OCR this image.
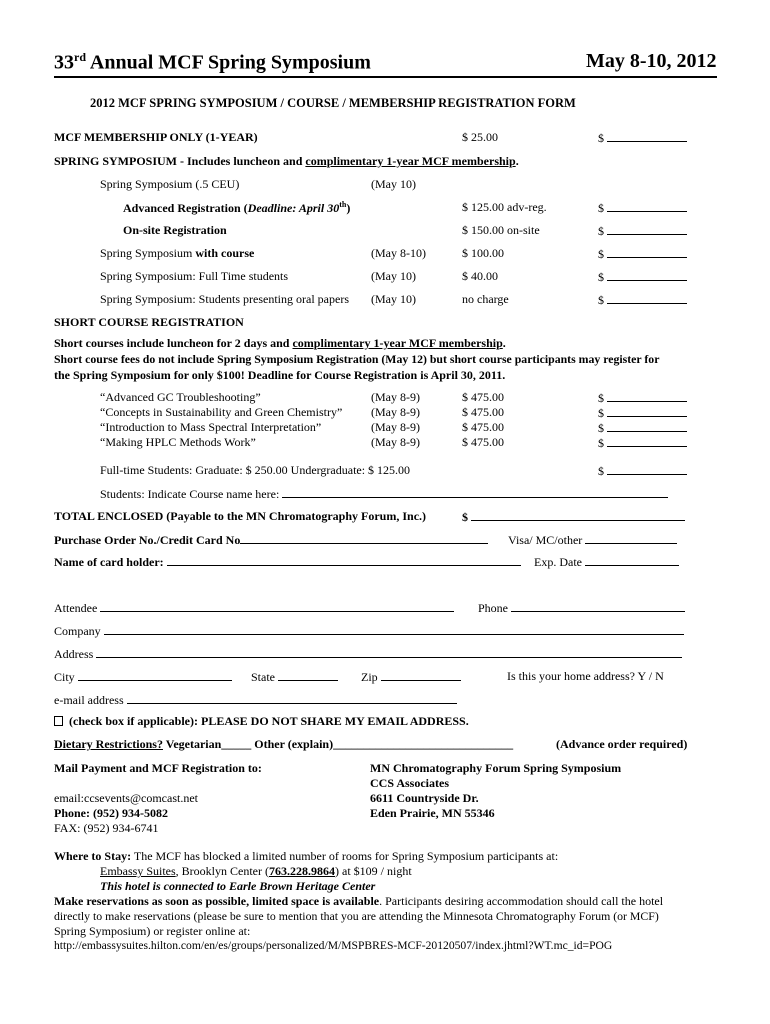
33rd Annual MCF Spring Symposium	May 8-10, 2012
2012 MCF SPRING SYMPOSIUM / COURSE / MEMBERSHIP REGISTRATION FORM
MCF MEMBERSHIP ONLY (1-YEAR)	$ 25.00	$
SPRING SYMPOSIUM - Includes luncheon and complimentary 1-year MCF membership.
Spring Symposium (.5 CEU)	(May 10)
Advanced Registration (Deadline: April 30th)	$ 125.00 adv-reg.	$
On-site Registration	$ 150.00 on-site	$
Spring Symposium with course	(May 8-10)	$ 100.00	$
Spring Symposium: Full Time students	(May 10)	$ 40.00	$
Spring Symposium: Students presenting oral papers (May 10)	no charge	$
SHORT COURSE REGISTRATION
Short courses include luncheon for 2 days and complimentary 1-year MCF membership.
Short course fees do not include Spring Symposium Registration (May 12) but short course participants may register for
the Spring Symposium for only $100! Deadline for Course Registration is April 30, 2011.
“Advanced GC Troubleshooting”	(May 8-9)	$ 475.00	$
“Concepts in Sustainability and Green Chemistry” (May 8-9)	$ 475.00	$
“Introduction to Mass Spectral Interpretation”	(May 8-9)	$ 475.00	$
“Making HPLC Methods Work”	(May 8-9)	$ 475.00	$
Full-time Students: Graduate: $ 250.00 Undergraduate: $ 125.00	$
Students: Indicate Course name here:
TOTAL ENCLOSED (Payable to the MN Chromatography Forum, Inc.)	$
Purchase Order No./Credit Card No	Visa/ MC/other
Name of card holder:	Exp. Date
Attendee	Phone
Company
Address
City	State	Zip	Is this your home address? Y / N
e-mail address
(check box if applicable): PLEASE DO NOT SHARE MY EMAIL ADDRESS.
Dietary Restrictions? Vegetarian_____ Other (explain)______________________________	(Advance order required)
Mail Payment and MCF Registration to:
email:ccsevents@comcast.net
Phone: (952) 934-5082
FAX: (952) 934-6741
MN Chromatography Forum Spring Symposium
CCS Associates
6611 Countryside Dr.
Eden Prairie, MN 55346
Where to Stay: The MCF has blocked a limited number of rooms for Spring Symposium participants at:
Embassy Suites, Brooklyn Center (763.228.9864) at $109 / night
This hotel is connected to Earle Brown Heritage Center
Make reservations as soon as possible, limited space is available. Participants desiring accommodation should call the hotel
directly to make reservations (please be sure to mention that you are attending the Minnesota Chromatography Forum (or MCF)
Spring Symposium) or register online at:
http://embassysuites.hilton.com/en/es/groups/personalized/M/MSPBRES-MCF-20120507/index.jhtml?WT.mc_id=POG
